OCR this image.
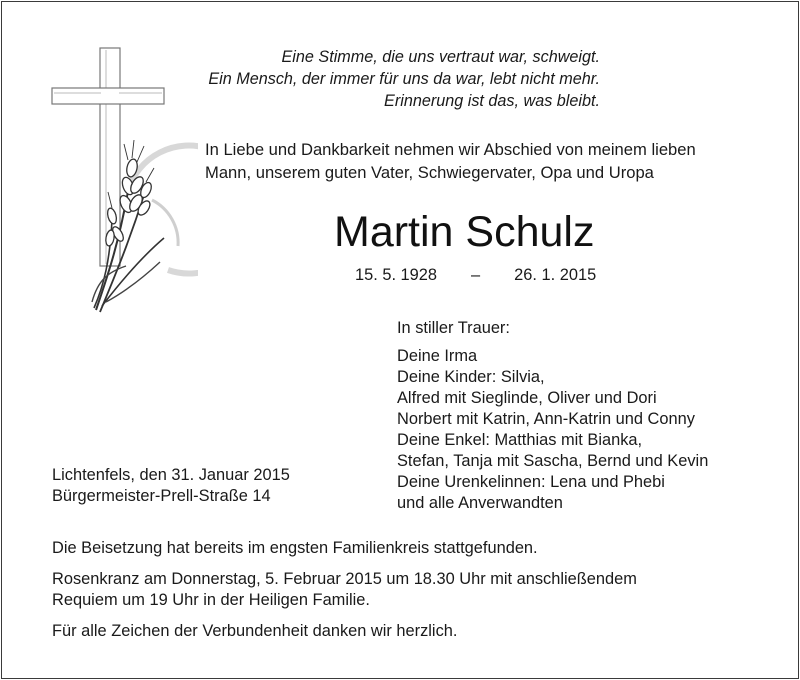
Eine Stimme, die uns vertraut war, schweigt.
Ein Mensch, der immer für uns da war, lebt nicht mehr.
Erinnerung ist das, was bleibt.
In Liebe und Dankbarkeit nehmen wir Abschied von meinem lieben
Mann, unserem guten Vater, Schwiegervater, Opa und Uropa
Martin Schulz
15. 5. 1928 – 26. 1. 2015
In stiller Trauer:
Deine Irma
Deine Kinder: Silvia,
Alfred mit Sieglinde, Oliver und Dori
Norbert mit Katrin, Ann-Katrin und Conny
Deine Enkel: Matthias mit Bianka,
Stefan, Tanja mit Sascha, Bernd und Kevin
Deine Urenkelinnen: Lena und Phebi
und alle Anverwandten
Lichtenfels, den 31. Januar 2015
Bürgermeister-Prell-Straße 14

Die Beisetzung hat bereits im engsten Familienkreis stattgefunden.

Rosenkranz am Donnerstag, 5. Februar 2015 um 18.30 Uhr mit anschließendem
Requiem um 19 Uhr in der Heiligen Familie.

Für alle Zeichen der Verbundenheit danken wir herzlich.
